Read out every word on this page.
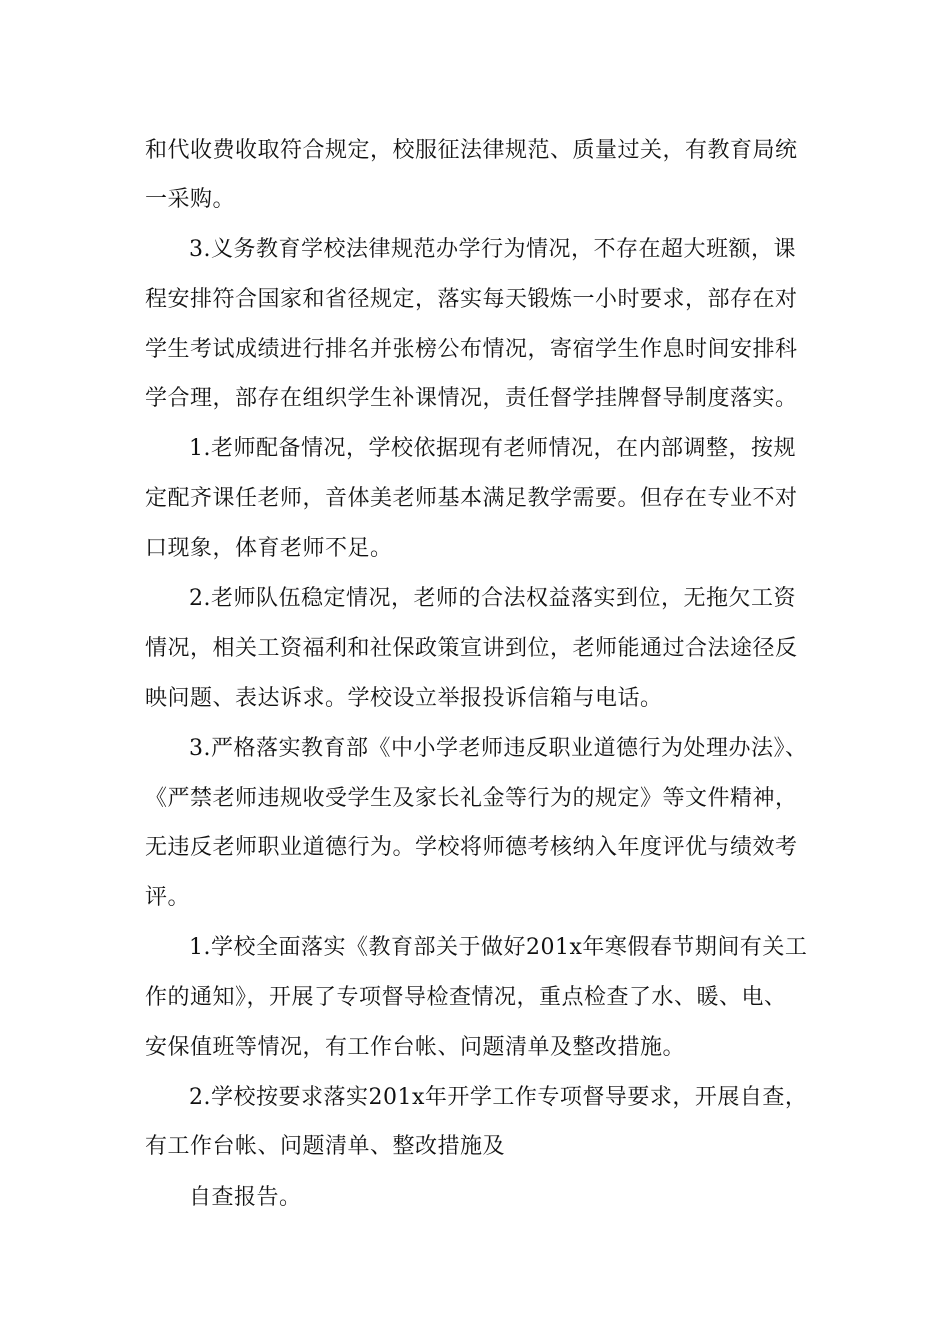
和代收费收取符合规定，校服征法律规范、质量过关，有教育局统
一采购。
3.义务教育学校法律规范办学行为情况，不存在超大班额，课
程安排符合国家和省径规定，落实每天锻炼一小时要求，部存在对
学生考试成绩进行排名并张榜公布情况，寄宿学生作息时间安排科
学合理，部存在组织学生补课情况，责任督学挂牌督导制度落实。
1.老师配备情况，学校依据现有老师情况，在内部调整，按规
定配齐课任老师，音体美老师基本满足教学需要。但存在专业不对
口现象，体育老师不足。
2.老师队伍稳定情况，老师的合法权益落实到位，无拖欠工资
情况，相关工资福利和社保政策宣讲到位，老师能通过合法途径反
映问题、表达诉求。学校设立举报投诉信箱与电话。
3.严格落实教育部《中小学老师违反职业道德行为处理办法》、
《严禁老师违规收受学生及家长礼金等行为的规定》等文件精神，
无违反老师职业道德行为。学校将师德考核纳入年度评优与绩效考
评。
1.学校全面落实《教育部关于做好201x年寒假春节期间有关工
作的通知》，开展了专项督导检查情况，重点检查了水、暖、电、
安保值班等情况，有工作台帐、问题清单及整改措施。
2.学校按要求落实201x年开学工作专项督导要求，开展自查，
有工作台帐、问题清单、整改措施及
自查报告。
